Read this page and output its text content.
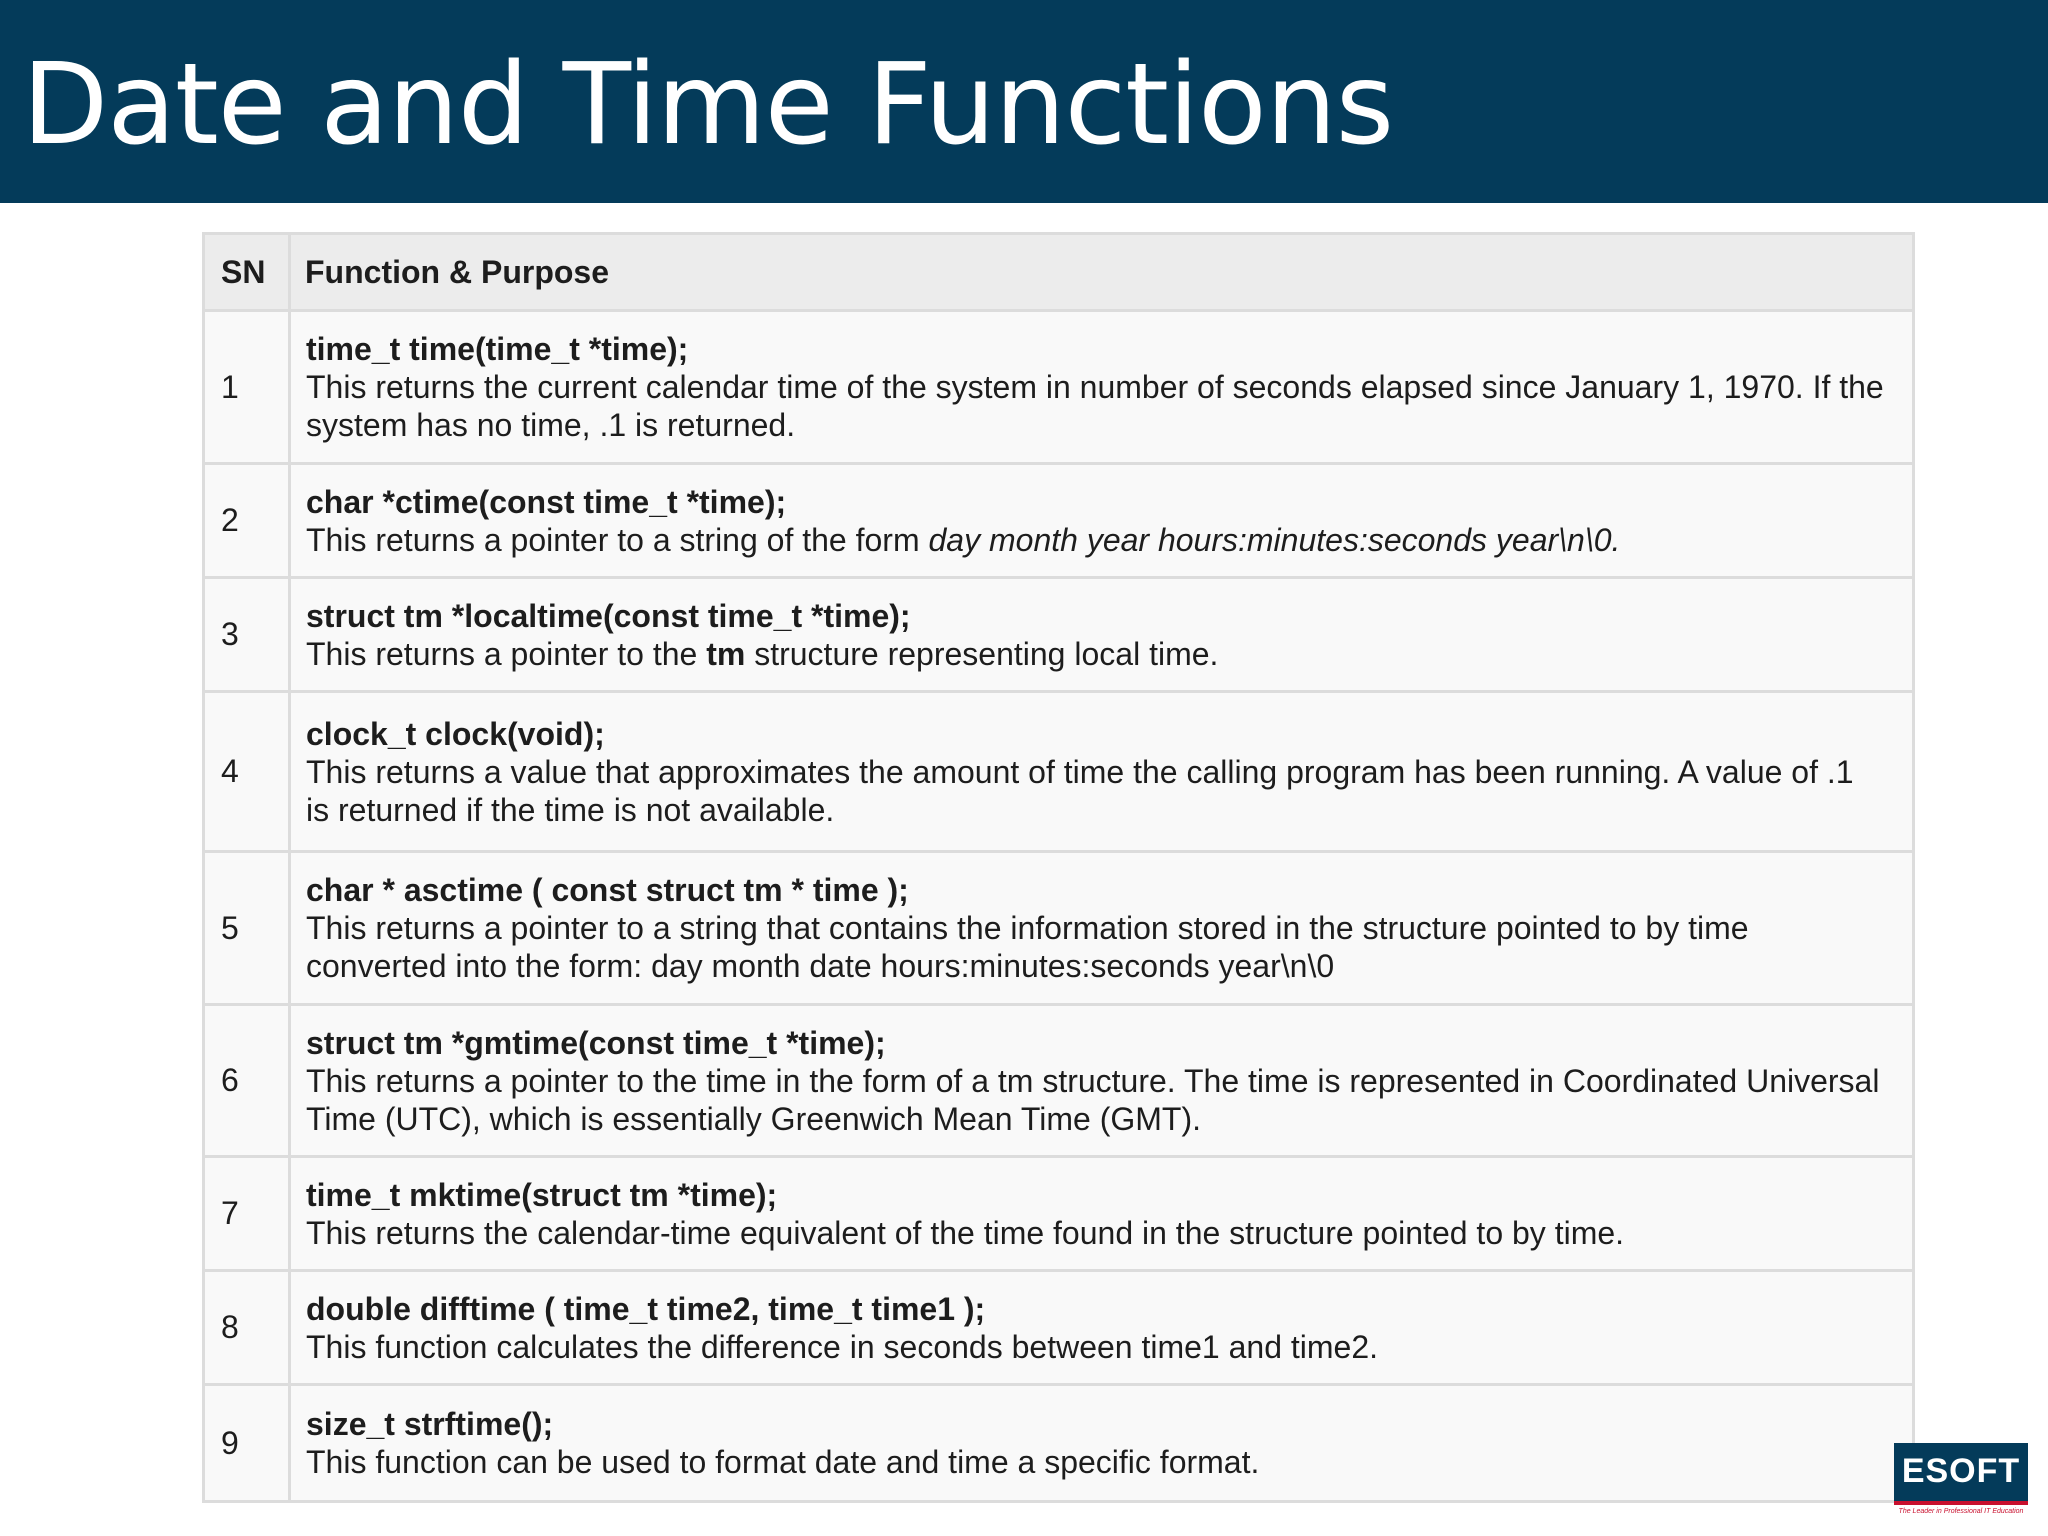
Date and Time Functions
SN	Function & Purpose
1	time_t time(time_t *time);
This returns the current calendar time of the system in number of seconds elapsed since January 1, 1970. If the system has no time, .1 is returned.

2	char *ctime(const time_t *time);
This returns a pointer to a string of the form day month year hours:minutes:seconds year\n\0.

3	struct tm *localtime(const time_t *time);
This returns a pointer to the tm structure representing local time.

4	clock_t clock(void);
This returns a value that approximates the amount of time the calling program has been running. A value of .1 is returned if the time is not available.

5	char * asctime ( const struct tm * time );
This returns a pointer to a string that contains the information stored in the structure pointed to by time converted into the form: day month date hours:minutes:seconds year\n\0

6	struct tm *gmtime(const time_t *time);
This returns a pointer to the time in the form of a tm structure. The time is represented in Coordinated Universal Time (UTC), which is essentially Greenwich Mean Time (GMT).

7	time_t mktime(struct tm *time);
This returns the calendar-time equivalent of the time found in the structure pointed to by time.

8	double difftime ( time_t time2, time_t time1 );
This function calculates the difference in seconds between time1 and time2.

9	size_t strftime();
This function can be used to format date and time a specific format.	ESOFT
The Leader in Professional IT Education
